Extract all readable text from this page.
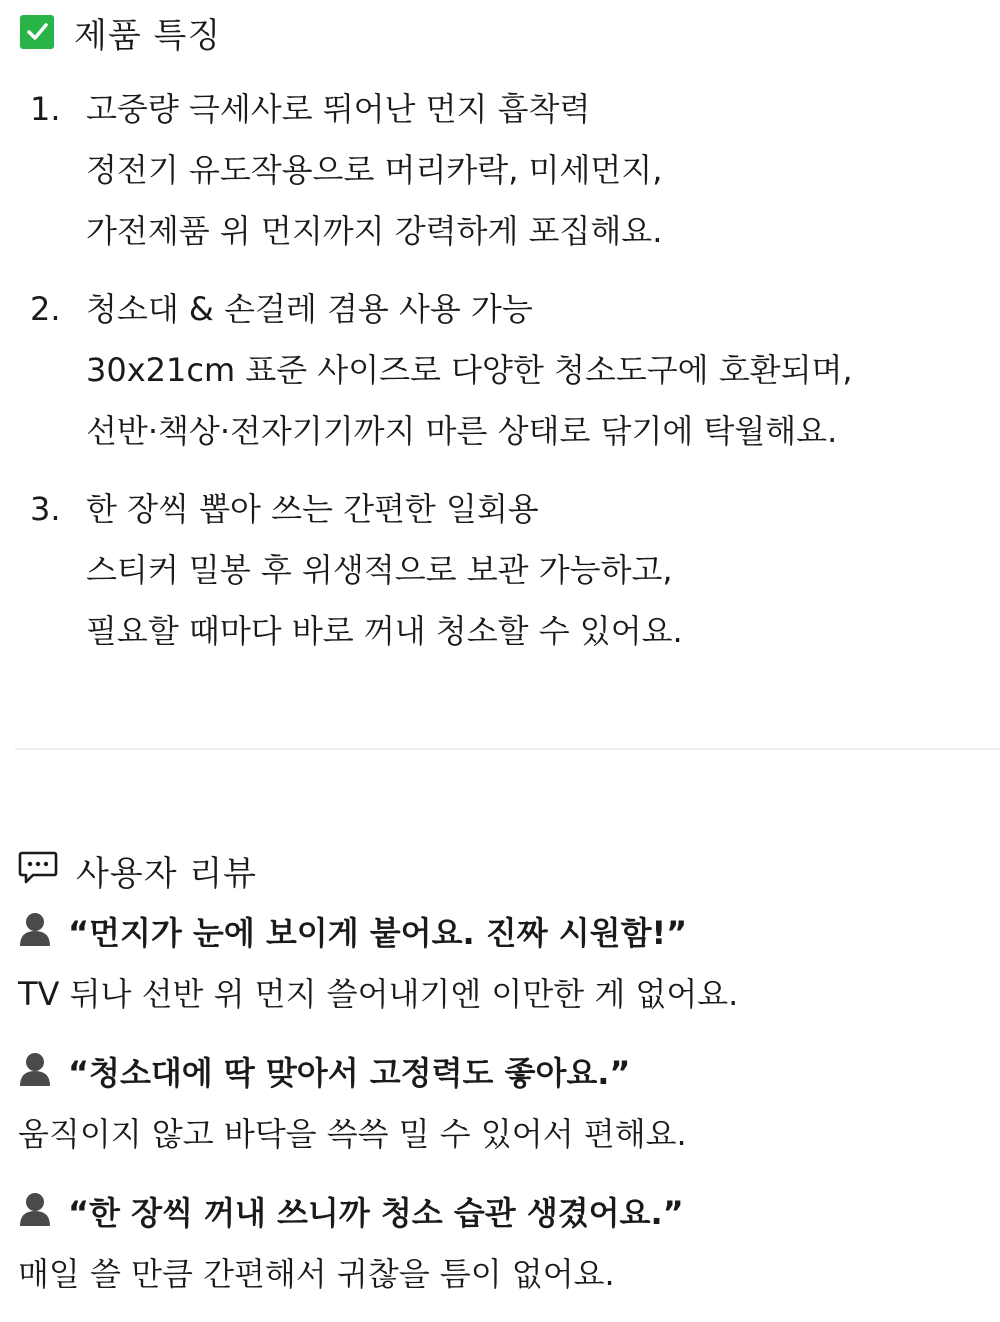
제품 특징
1. 고중량 극세사로 뛰어난 먼지 흡착력
정전기 유도작용으로 머리카락, 미세먼지,
가전제품 위 먼지까지 강력하게 포집해요.
2. 청소대 & 손걸레 겸용 사용 가능
30x21cm 표준 사이즈로 다양한 청소도구에 호환되며,
선반·책상·전자기기까지 마른 상태로 닦기에 탁월해요.
3. 한 장씩 뽑아 쓰는 간편한 일회용
스티커 밀봉 후 위생적으로 보관 가능하고,
필요할 때마다 바로 꺼내 청소할 수 있어요.
사용자 리뷰
“먼지가 눈에 보이게 붙어요. 진짜 시원함!”
TV 뒤나 선반 위 먼지 쓸어내기엔 이만한 게 없어요.
“청소대에 딱 맞아서 고정력도 좋아요.”
움직이지 않고 바닥을 쓱쓱 밀 수 있어서 편해요.
“한 장씩 꺼내 쓰니까 청소 습관 생겼어요.”
매일 쓸 만큼 간편해서 귀찮을 틈이 없어요.
